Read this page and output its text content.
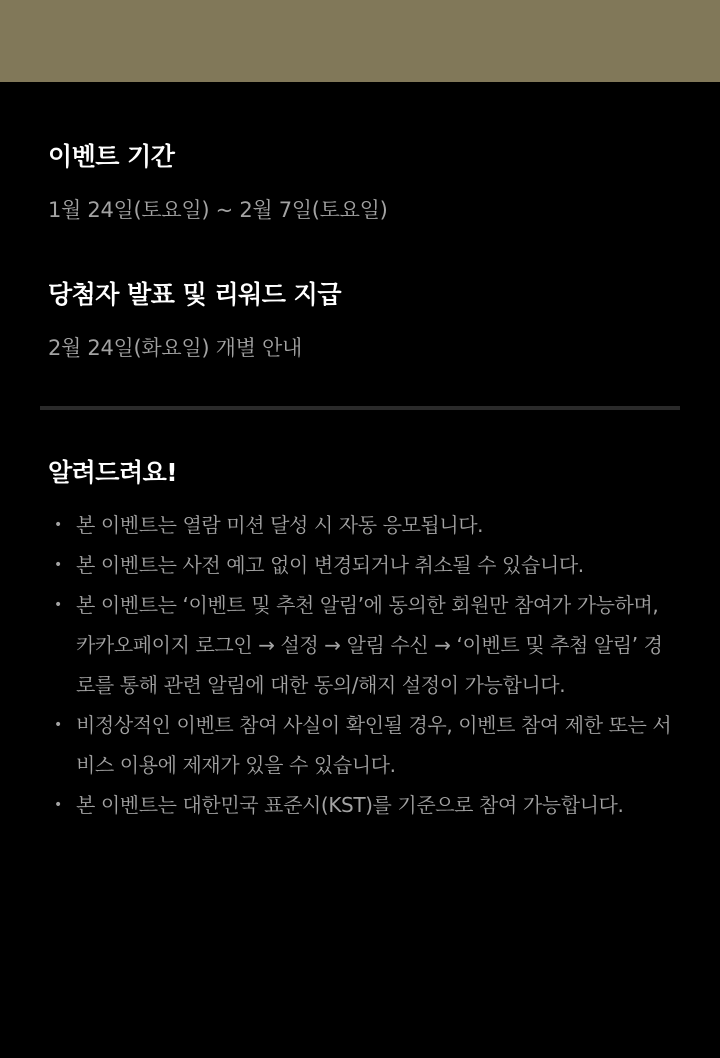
이벤트 기간
1월 24일(토요일) ~ 2월 7일(토요일)
당첨자 발표 및 리워드 지급
2월 24일(화요일) 개별 안내
알려드려요!
• 본 이벤트는 열람 미션 달성 시 자동 응모됩니다.
• 본 이벤트는 사전 예고 없이 변경되거나 취소될 수 있습니다.
• 본 이벤트는 ‘이벤트 및 추천 알림’에 동의한 회원만 참여가 가능하며, 카카오페이지 로그인 → 설정 → 알림 수신 → ‘이벤트 및 추첨 알림’ 경로를 통해 관련 알림에 대한 동의/해지 설정이 가능합니다.
• 비정상적인 이벤트 참여 사실이 확인될 경우, 이벤트 참여 제한 또는 서비스 이용에 제재가 있을 수 있습니다.
• 본 이벤트는 대한민국 표준시(KST)를 기준으로 참여 가능합니다.
